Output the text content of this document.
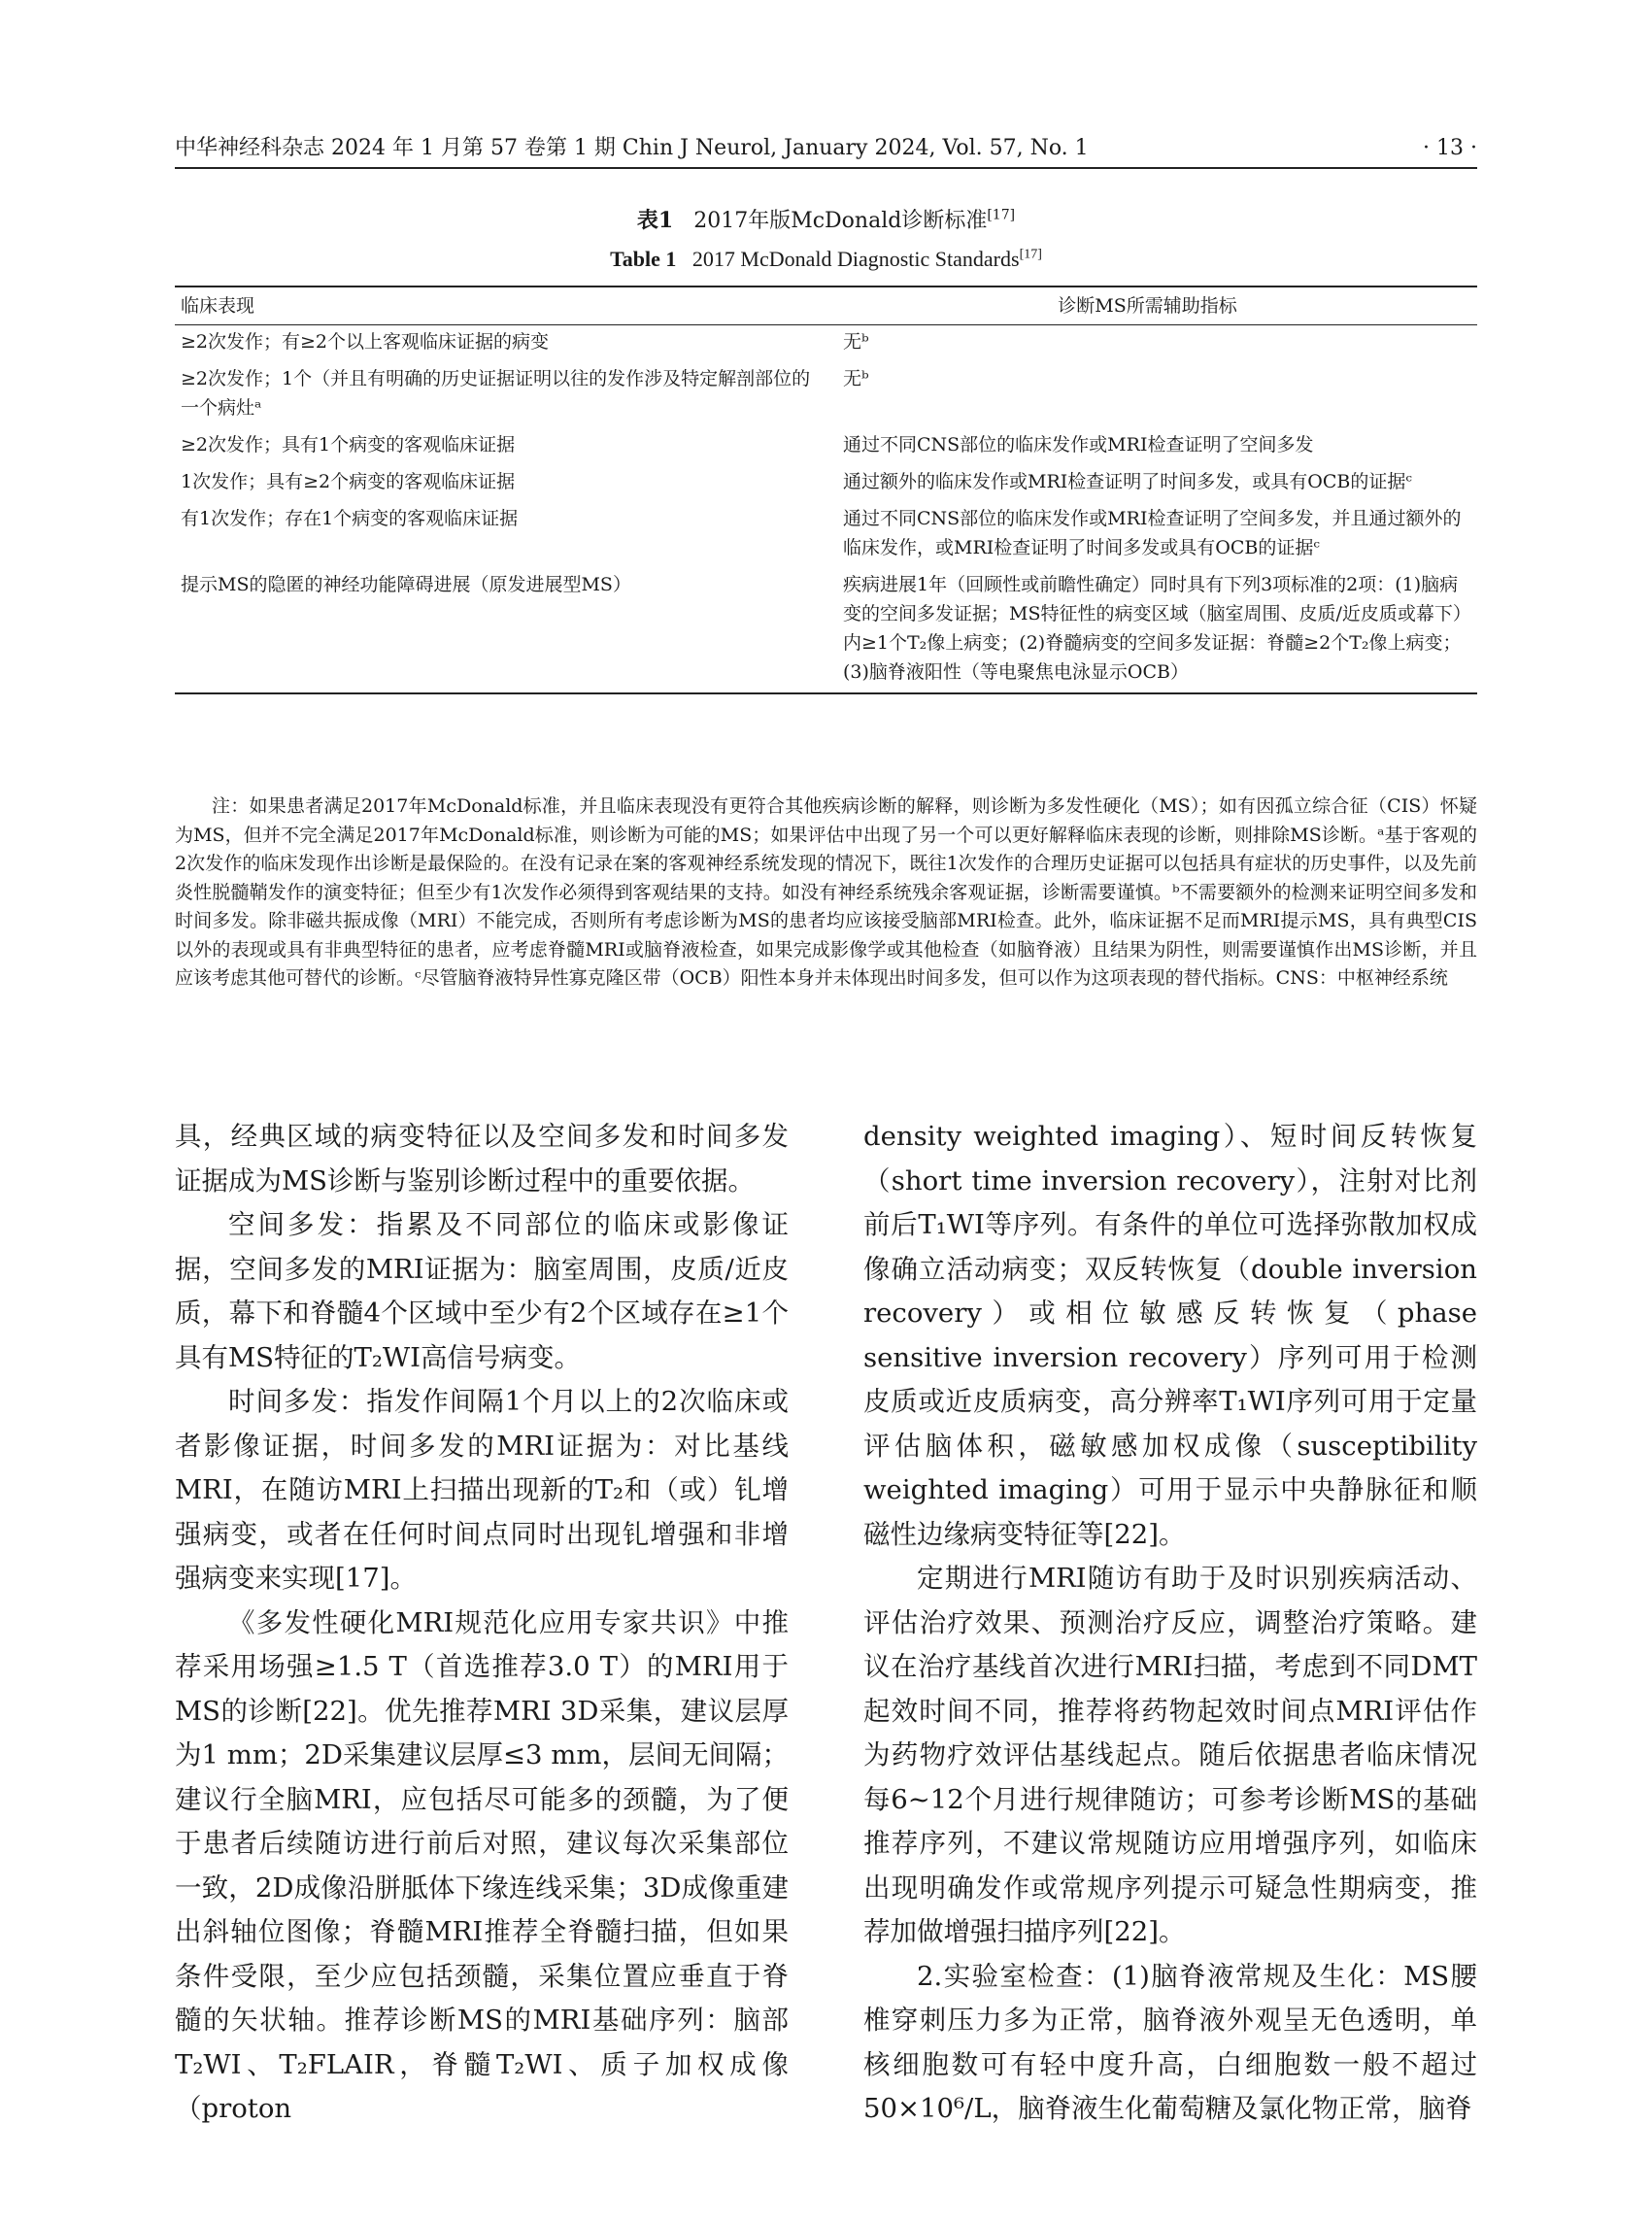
中华神经科杂志 2024 年 1 月第 57 卷第 1 期 Chin J Neurol, January 2024, Vol. 57, No. 1	· 13 ·
表1 2017年版McDonald诊断标准[17]
Table 1 2017 McDonald Diagnostic Standards[17]
临床表现	诊断MS所需辅助指标
≥2次发作；有≥2个以上客观临床证据的病变	无ᵇ
≥2次发作；1个（并且有明确的历史证据证明以往的发作涉及特定解剖部位的一个病灶ᵃ	无ᵇ
≥2次发作；具有1个病变的客观临床证据	通过不同CNS部位的临床发作或MRI检查证明了空间多发
1次发作；具有≥2个病变的客观临床证据	通过额外的临床发作或MRI检查证明了时间多发，或具有OCB的证据ᶜ
有1次发作；存在1个病变的客观临床证据	通过不同CNS部位的临床发作或MRI检查证明了空间多发，并且通过额外的临床发作，或MRI检查证明了时间多发或具有OCB的证据ᶜ
提示MS的隐匿的神经功能障碍进展（原发进展型MS）	疾病进展1年（回顾性或前瞻性确定）同时具有下列3项标准的2项：(1)脑病变的空间多发证据；MS特征性的病变区域（脑室周围、皮质/近皮质或幕下）内≥1个T₂像上病变；(2)脊髓病变的空间多发证据：脊髓≥2个T₂像上病变；(3)脑脊液阳性（等电聚焦电泳显示OCB）
注：如果患者满足2017年McDonald标准，并且临床表现没有更符合其他疾病诊断的解释，则诊断为多发性硬化（MS）；如有因孤立综合征（CIS）怀疑为MS，但并不完全满足2017年McDonald标准，则诊断为可能的MS；如果评估中出现了另一个可以更好解释临床表现的诊断，则排除MS诊断。ᵃ基于客观的2次发作的临床发现作出诊断是最保险的。在没有记录在案的客观神经系统发现的情况下，既往1次发作的合理历史证据可以包括具有症状的历史事件，以及先前炎性脱髓鞘发作的演变特征；但至少有1次发作必须得到客观结果的支持。如没有神经系统残余客观证据，诊断需要谨慎。ᵇ不需要额外的检测来证明空间多发和时间多发。除非磁共振成像（MRI）不能完成，否则所有考虑诊断为MS的患者均应该接受脑部MRI检查。此外，临床证据不足而MRI提示MS，具有典型CIS以外的表现或具有非典型特征的患者，应考虑脊髓MRI或脑脊液检查，如果完成影像学或其他检查（如脑脊液）且结果为阴性，则需要谨慎作出MS诊断，并且应该考虑其他可替代的诊断。ᶜ尽管脑脊液特异性寡克隆区带（OCB）阳性本身并未体现出时间多发，但可以作为这项表现的替代指标。CNS：中枢神经系统

具，经典区域的病变特征以及空间多发和时间多发证据成为MS诊断与鉴别诊断过程中的重要依据。

空间多发：指累及不同部位的临床或影像证据，空间多发的MRI证据为：脑室周围，皮质/近皮质，幕下和脊髓4个区域中至少有2个区域存在≥1个具有MS特征的T₂WI高信号病变。

时间多发：指发作间隔1个月以上的2次临床或者影像证据，时间多发的MRI证据为：对比基线MRI，在随访MRI上扫描出现新的T₂和（或）钆增强病变，或者在任何时间点同时出现钆增强和非增强病变来实现[17]。

《多发性硬化MRI规范化应用专家共识》中推荐采用场强≥1.5 T（首选推荐3.0 T）的MRI用于MS的诊断[22]。优先推荐MRI 3D采集，建议层厚为1 mm；2D采集建议层厚≤3 mm，层间无间隔；建议行全脑MRI，应包括尽可能多的颈髓，为了便于患者后续随访进行前后对照，建议每次采集部位一致，2D成像沿胼胝体下缘连线采集；3D成像重建出斜轴位图像；脊髓MRI推荐全脊髓扫描，但如果条件受限，至少应包括颈髓，采集位置应垂直于脊髓的矢状轴。推荐诊断MS的MRI基础序列：脑部T₂WI、T₂FLAIR，脊髓T₂WI、质子加权成像（proton

density weighted imaging）、短时间反转恢复（short time inversion recovery），注射对比剂前后T₁WI等序列。有条件的单位可选择弥散加权成像确立活动病变；双反转恢复（double inversion recovery）或相位敏感反转恢复（phase sensitive inversion recovery）序列可用于检测皮质或近皮质病变，高分辨率T₁WI序列可用于定量评估脑体积，磁敏感加权成像（susceptibility weighted imaging）可用于显示中央静脉征和顺磁性边缘病变特征等[22]。

定期进行MRI随访有助于及时识别疾病活动、评估治疗效果、预测治疗反应，调整治疗策略。建议在治疗基线首次进行MRI扫描，考虑到不同DMT起效时间不同，推荐将药物起效时间点MRI评估作为药物疗效评估基线起点。随后依据患者临床情况每6~12个月进行规律随访；可参考诊断MS的基础推荐序列，不建议常规随访应用增强序列，如临床出现明确发作或常规序列提示可疑急性期病变，推荐加做增强扫描序列[22]。

2.实验室检查：(1)脑脊液常规及生化：MS腰椎穿刺压力多为正常，脑脊液外观呈无色透明，单核细胞数可有轻中度升高，白细胞数一般不超过50×10⁶/L，脑脊液生化葡萄糖及氯化物正常，脑脊
